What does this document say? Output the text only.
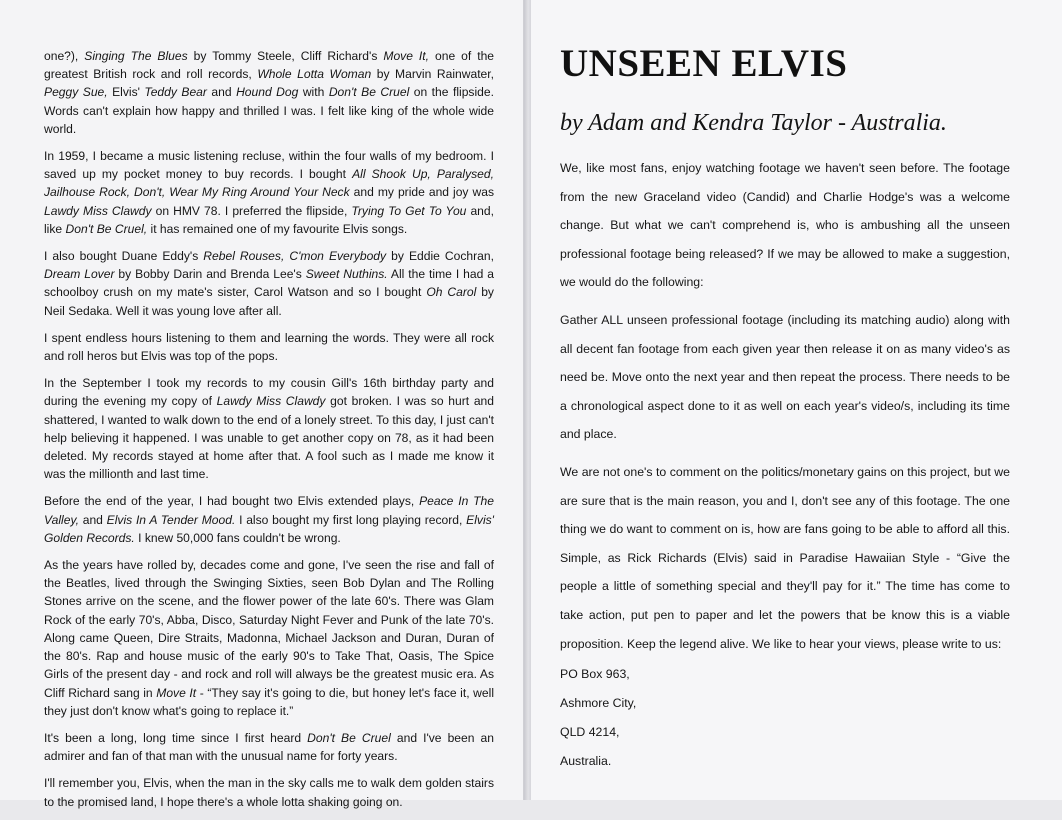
one?), Singing The Blues by Tommy Steele, Cliff Richard's Move It, one of the greatest British rock and roll records, Whole Lotta Woman by Marvin Rainwater, Peggy Sue, Elvis' Teddy Bear and Hound Dog with Don't Be Cruel on the flipside. Words can't explain how happy and thrilled I was. I felt like king of the whole wide world.

In 1959, I became a music listening recluse, within the four walls of my bedroom. I saved up my pocket money to buy records. I bought All Shook Up, Paralysed, Jailhouse Rock, Don't, Wear My Ring Around Your Neck and my pride and joy was Lawdy Miss Clawdy on HMV 78. I preferred the flipside, Trying To Get To You and, like Don't Be Cruel, it has remained one of my favourite Elvis songs.

I also bought Duane Eddy's Rebel Rouses, C'mon Everybody by Eddie Cochran, Dream Lover by Bobby Darin and Brenda Lee's Sweet Nuthins. All the time I had a schoolboy crush on my mate's sister, Carol Watson and so I bought Oh Carol by Neil Sedaka. Well it was young love after all.

I spent endless hours listening to them and learning the words. They were all rock and roll heros but Elvis was top of the pops.

In the September I took my records to my cousin Gill's 16th birthday party and during the evening my copy of Lawdy Miss Clawdy got broken. I was so hurt and shattered, I wanted to walk down to the end of a lonely street. To this day, I just can't help believing it happened. I was unable to get another copy on 78, as it had been deleted. My records stayed at home after that. A fool such as I made me know it was the millionth and last time.

Before the end of the year, I had bought two Elvis extended plays, Peace In The Valley, and Elvis In A Tender Mood. I also bought my first long playing record, Elvis' Golden Records. I knew 50,000 fans couldn't be wrong.

As the years have rolled by, decades come and gone, I've seen the rise and fall of the Beatles, lived through the Swinging Sixties, seen Bob Dylan and The Rolling Stones arrive on the scene, and the flower power of the late 60's. There was Glam Rock of the early 70's, Abba, Disco, Saturday Night Fever and Punk of the late 70's. Along came Queen, Dire Straits, Madonna, Michael Jackson and Duran, Duran of the 80's. Rap and house music of the early 90's to Take That, Oasis, The Spice Girls of the present day - and rock and roll will always be the greatest music era. As Cliff Richard sang in Move It - “They say it's going to die, but honey let's face it, well they just don't know what's going to replace it.”

It's been a long, long time since I first heard Don't Be Cruel and I've been an admirer and fan of that man with the unusual name for forty years.

I'll remember you, Elvis, when the man in the sky calls me to walk dem golden stairs to the promised land, I hope there's a whole lotta shaking going on.

UNSEEN ELVIS
by Adam and Kendra Taylor - Australia.

We, like most fans, enjoy watching footage we haven't seen before. The footage from the new Graceland video (Candid) and Charlie Hodge's was a welcome change. But what we can't comprehend is, who is ambushing all the unseen professional footage being released? If we may be allowed to make a suggestion, we would do the following:

Gather ALL unseen professional footage (including its matching audio) along with all decent fan footage from each given year then release it on as many video's as need be. Move onto the next year and then repeat the process. There needs to be a chronological aspect done to it as well on each year's video/s, including its time and place.

We are not one's to comment on the politics/monetary gains on this project, but we are sure that is the main reason, you and I, don't see any of this footage. The one thing we do want to comment on is, how are fans going to be able to afford all this. Simple, as Rick Richards (Elvis) said in Paradise Hawaiian Style - “Give the people a little of something special and they'll pay for it.” The time has come to take action, put pen to paper and let the powers that be know this is a viable proposition. Keep the legend alive. We like to hear your views, please write to us:

PO Box 963,
Ashmore City,
QLD 4214,
Australia.
